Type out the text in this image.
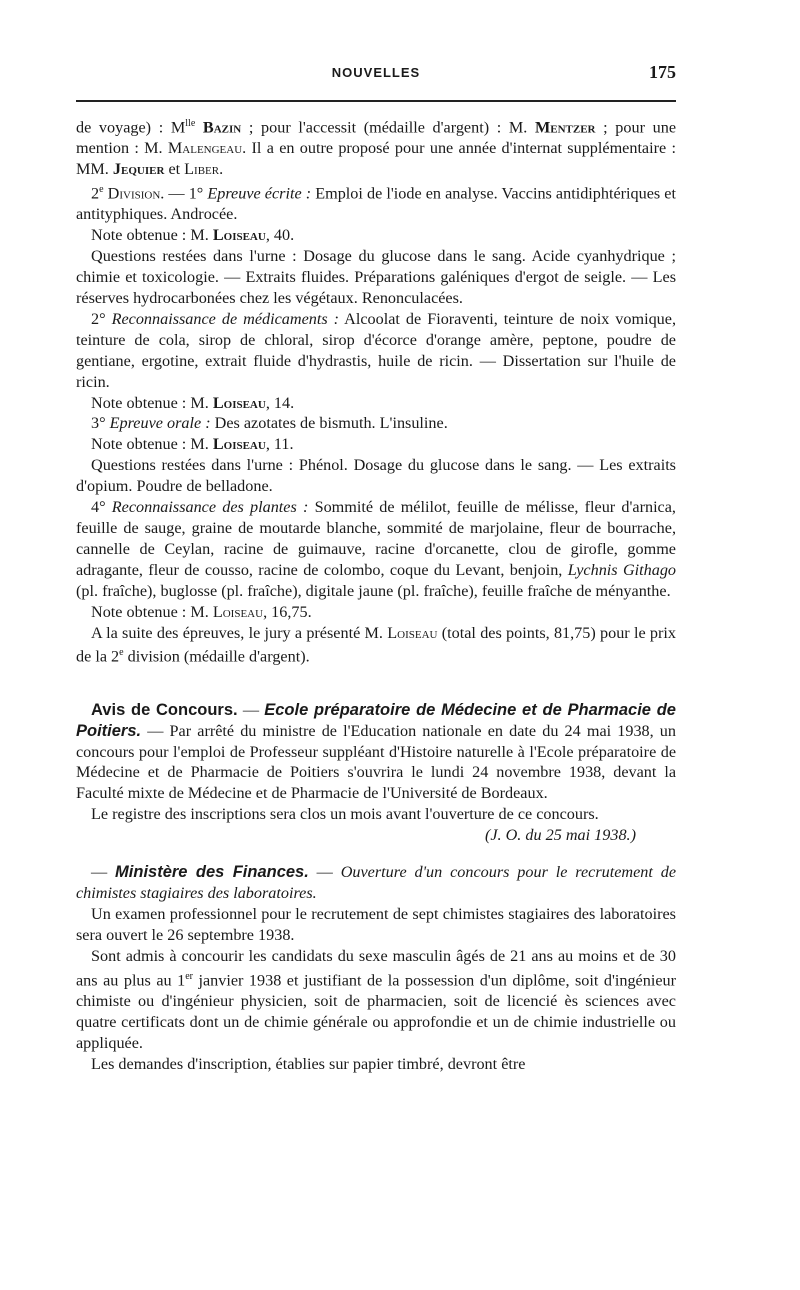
NOUVELLES	175

de voyage) : $M^{lle}$ Bazin ; pour l'accessit (médaille d'argent) : M. Mentzer ; pour une mention : M. Malengeau. Il a en outre proposé pour une année d'internat supplémentaire : MM. Jequier et Liber.

2e Division. — 1° Epreuve écrite : Emploi de l'iode en analyse. Vaccins antidiphtériques et antityphiques. Androcée.

Note obtenue : M. Loiseau, 40.

Questions restées dans l'urne : Dosage du glucose dans le sang. Acide cyanhydrique ; chimie et toxicologie. — Extraits fluides. Préparations galéniques d'ergot de seigle. — Les réserves hydrocarbonées chez les végétaux. Renonculacées.

2° Reconnaissance de médicaments : Alcoolat de Fioraventi, teinture de noix vomique, teinture de cola, sirop de chloral, sirop d'écorce d'orange amère, peptone, poudre de gentiane, ergotine, extrait fluide d'hydrastis, huile de ricin. — Dissertation sur l'huile de ricin.

Note obtenue : M. Loiseau, 14.

3° Epreuve orale : Des azotates de bismuth. L'insuline.

Note obtenue : M. Loiseau, 11.

Questions restées dans l'urne : Phénol. Dosage du glucose dans le sang. — Les extraits d'opium. Poudre de belladone.

4° Reconnaissance des plantes : Sommité de mélilot, feuille de mélisse, fleur d'arnica, feuille de sauge, graine de moutarde blanche, sommité de marjolaine, fleur de bourrache, cannelle de Ceylan, racine de guimauve, racine d'orcanette, clou de girofle, gomme adragante, fleur de cousso, racine de colombo, coque du Levant, benjoin, Lychnis Githago (pl. fraîche), buglosse (pl. fraîche), digitale jaune (pl. fraîche), feuille fraîche de ményanthe.

Note obtenue : M. Loiseau, 16,75.

A la suite des épreuves, le jury a présenté M. Loiseau (total des points, 81,75) pour le prix de la 2e division (médaille d'argent).

Avis de Concours. — Ecole préparatoire de Médecine et de Pharmacie de Poitiers. — Par arrêté du ministre de l'Education nationale en date du 24 mai 1938, un concours pour l'emploi de Professeur suppléant d'Histoire naturelle à l'Ecole préparatoire de Médecine et de Pharmacie de Poitiers s'ouvrira le lundi 24 novembre 1938, devant la Faculté mixte de Médecine et de Pharmacie de l'Université de Bordeaux.

Le registre des inscriptions sera clos un mois avant l'ouverture de ce concours.
(J. O. du 25 mai 1938.)

— Ministère des Finances. — Ouverture d'un concours pour le recrutement de chimistes stagiaires des laboratoires.

Un examen professionnel pour le recrutement de sept chimistes stagiaires des laboratoires sera ouvert le 26 septembre 1938.

Sont admis à concourir les candidats du sexe masculin âgés de 21 ans au moins et de 30 ans au plus au 1er janvier 1938 et justifiant de la possession d'un diplôme, soit d'ingénieur chimiste ou d'ingénieur physicien, soit de pharmacien, soit de licencié ès sciences avec quatre certificats dont un de chimie générale ou approfondie et un de chimie industrielle ou appliquée.

Les demandes d'inscription, établies sur papier timbré, devront être
